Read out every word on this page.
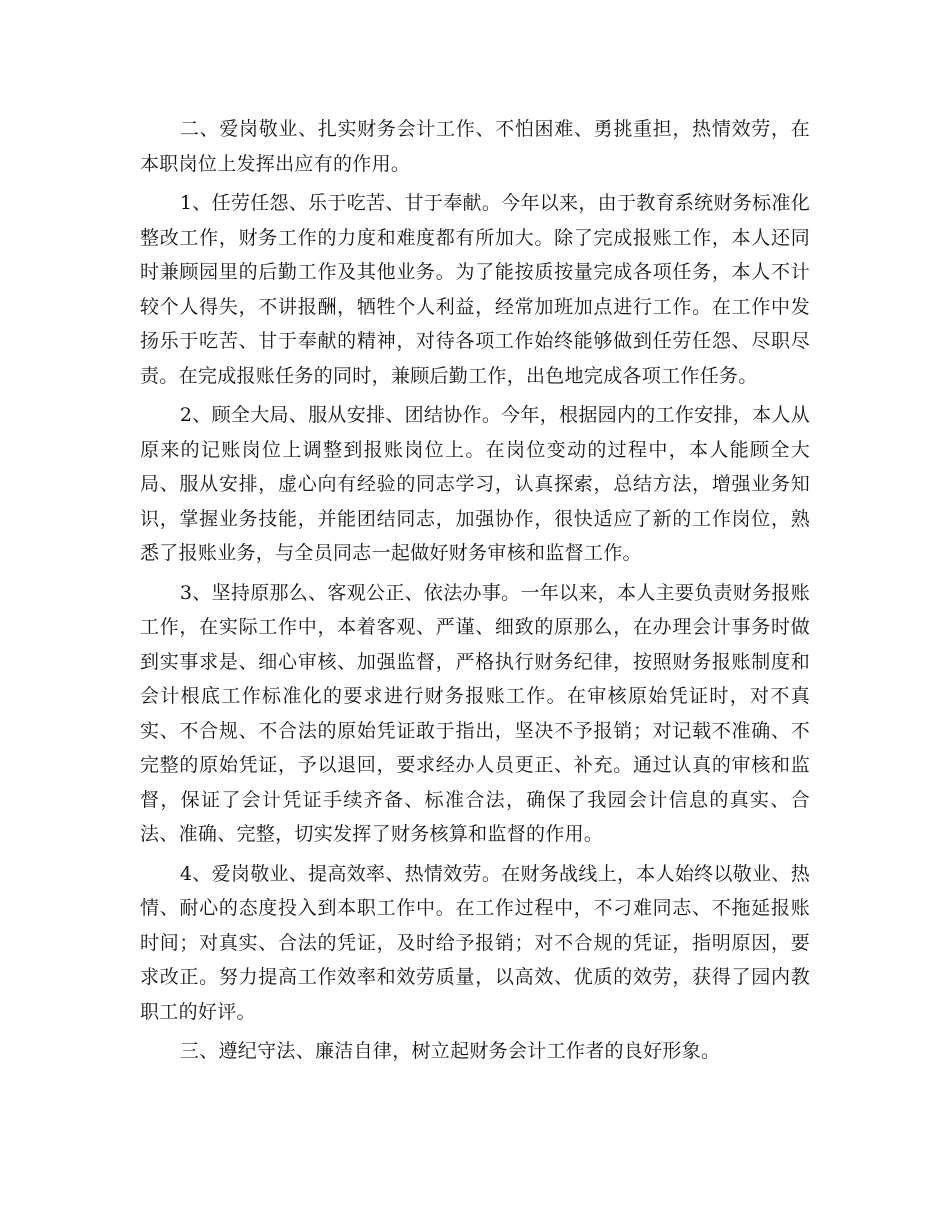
二、爱岗敬业、扎实财务会计工作、不怕困难、勇挑重担，热情效劳，在本职岗位上发挥出应有的作用。

1、任劳任怨、乐于吃苦、甘于奉献。今年以来，由于教育系统财务标准化整改工作，财务工作的力度和难度都有所加大。除了完成报账工作，本人还同时兼顾园里的后勤工作及其他业务。为了能按质按量完成各项任务，本人不计较个人得失，不讲报酬，牺牲个人利益，经常加班加点进行工作。在工作中发扬乐于吃苦、甘于奉献的精神，对待各项工作始终能够做到任劳任怨、尽职尽责。在完成报账任务的同时，兼顾后勤工作，出色地完成各项工作任务。

2、顾全大局、服从安排、团结协作。今年，根据园内的工作安排，本人从原来的记账岗位上调整到报账岗位上。在岗位变动的过程中，本人能顾全大局、服从安排，虚心向有经验的同志学习，认真探索，总结方法，增强业务知识，掌握业务技能，并能团结同志，加强协作，很快适应了新的工作岗位，熟悉了报账业务，与全员同志一起做好财务审核和监督工作。

3、坚持原那么、客观公正、依法办事。一年以来，本人主要负责财务报账工作，在实际工作中，本着客观、严谨、细致的原那么，在办理会计事务时做到实事求是、细心审核、加强监督，严格执行财务纪律，按照财务报账制度和会计根底工作标准化的要求进行财务报账工作。在审核原始凭证时，对不真实、不合规、不合法的原始凭证敢于指出，坚决不予报销；对记载不准确、不完整的原始凭证，予以退回，要求经办人员更正、补充。通过认真的审核和监督，保证了会计凭证手续齐备、标准合法，确保了我园会计信息的真实、合法、准确、完整，切实发挥了财务核算和监督的作用。

4、爱岗敬业、提高效率、热情效劳。在财务战线上，本人始终以敬业、热情、耐心的态度投入到本职工作中。在工作过程中，不刁难同志、不拖延报账时间；对真实、合法的凭证，及时给予报销；对不合规的凭证，指明原因，要求改正。努力提高工作效率和效劳质量，以高效、优质的效劳，获得了园内教职工的好评。

三、遵纪守法、廉洁自律，树立起财务会计工作者的良好形象。
